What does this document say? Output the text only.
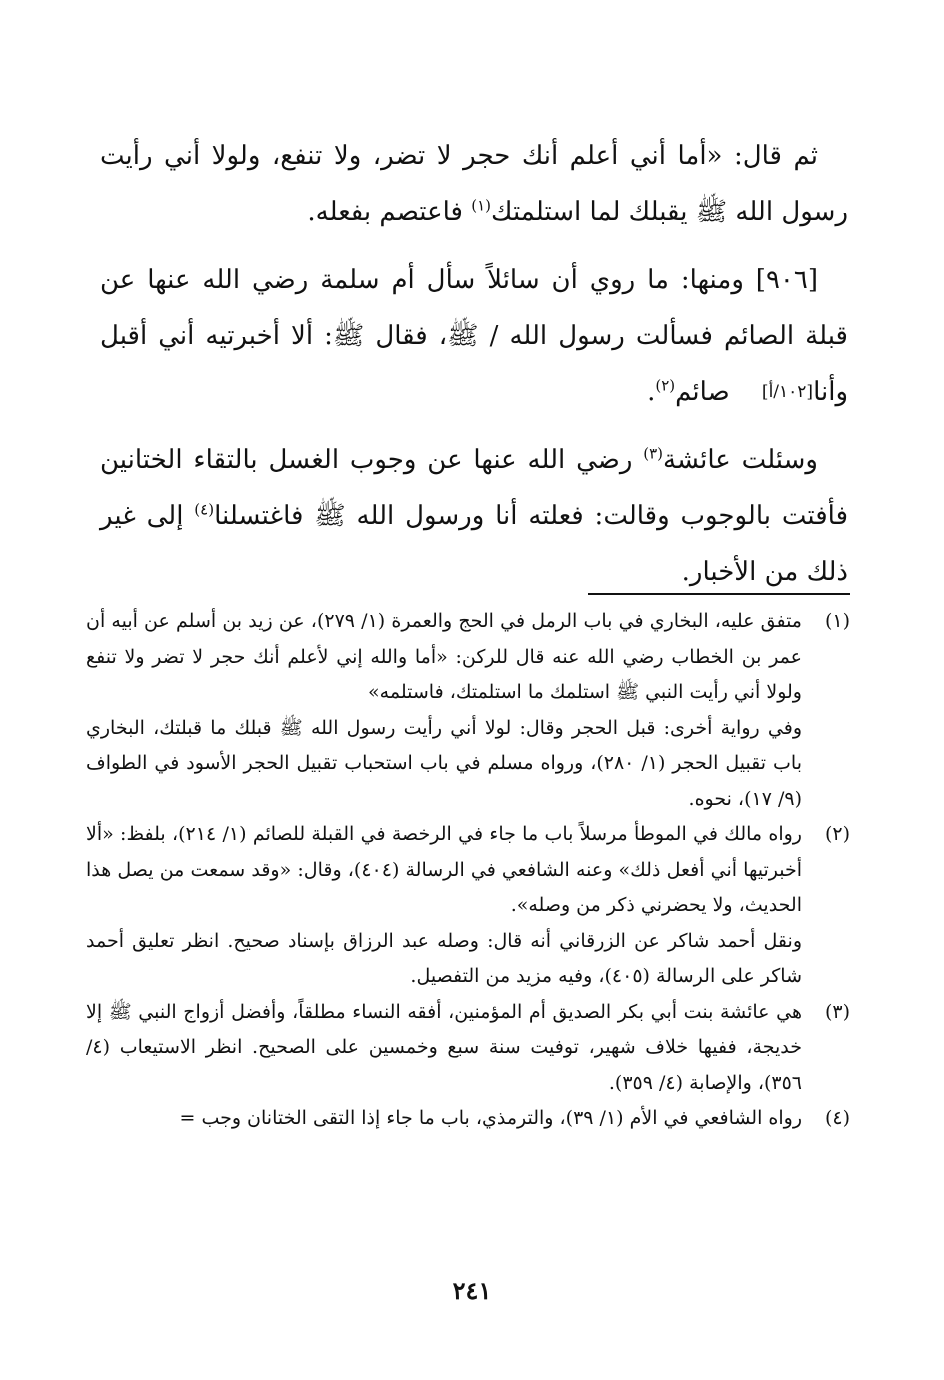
ثم قال: «أما أني أعلم أنك حجر لا تضر، ولا تنفع، ولولا أني رأيت رسول الله ﷺ يقبلك لما استلمتك$^{(١)}$ فاعتصم بفعله.

[٩٠٦] ومنها: ما روي أن سائلاً سأل أم سلمة رضي الله عنها عن قبلة الصائم فسألت رسول الله / ﷺ، فقال ﷺ: ألا أخبرتيه أني أقبل وأنا[١٠٢/أ] صائم$^{(٢)}$.

وسئلت عائشة$^{(٣)}$ رضي الله عنها عن وجوب الغسل بالتقاء الختانين فأفتت بالوجوب وقالت: فعلته أنا ورسول الله ﷺ فاغتسلنا$^{(٤)}$ إلى غير ذلك من الأخبار.

(١)

متفق عليه، البخاري في باب الرمل في الحج والعمرة (١/ ٢٧٩)، عن زيد بن أسلم عن أبيه أن عمر بن الخطاب رضي الله عنه قال للركن: «أما والله إني لأعلم أنك حجر لا تضر ولا تنفع ولولا أني رأيت النبي ﷺ استلمك ما استلمتك، فاستلمه»

وفي رواية أخرى: قبل الحجر وقال: لولا أني رأيت رسول الله ﷺ قبلك ما قبلتك، البخاري باب تقبيل الحجر (١/ ٢٨٠)، ورواه مسلم في باب استحباب تقبيل الحجر الأسود في الطواف (٩/ ١٧)، نحوه.

(٢)

رواه مالك في الموطأ مرسلاً باب ما جاء في الرخصة في القبلة للصائم (١/ ٢١٤)، بلفظ: «ألا أخبرتيها أني أفعل ذلك» وعنه الشافعي في الرسالة (٤٠٤)، وقال: «وقد سمعت من يصل هذا الحديث، ولا يحضرني ذكر من وصله».

ونقل أحمد شاكر عن الزرقاني أنه قال: وصله عبد الرزاق بإسناد صحيح. انظر تعليق أحمد شاكر على الرسالة (٤٠٥)، وفيه مزيد من التفصيل.

(٣)

هي عائشة بنت أبي بكر الصديق أم المؤمنين، أفقه النساء مطلقاً، وأفضل أزواج النبي ﷺ إلا خديجة، ففيها خلاف شهير، توفيت سنة سبع وخمسين على الصحيح. انظر الاستيعاب (٤/ ٣٥٦)، والإصابة (٤/ ٣٥٩).

(٤)

رواه الشافعي في الأم (١/ ٣٩)، والترمذي، باب ما جاء إذا التقى الختانان وجب =

٢٤١
